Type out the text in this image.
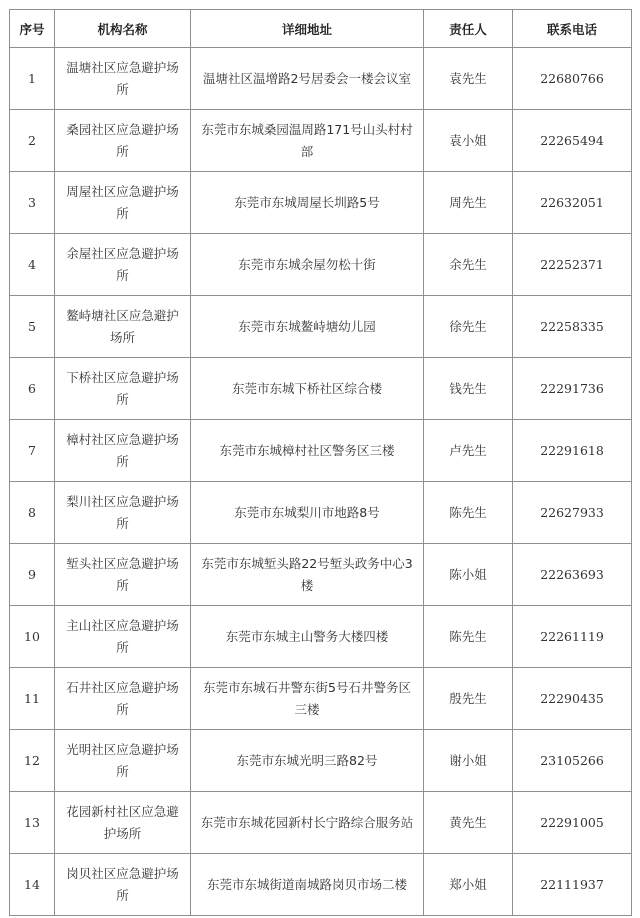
序号	机构名称	详细地址	责任人	联系电话
1	温塘社区应急避护场所	温塘社区温增路2号居委会一楼会议室	袁先生	22680766
2	桑园社区应急避护场所	东莞市东城桑园温周路171号山头村村部	袁小姐	22265494
3	周屋社区应急避护场所	东莞市东城周屋长圳路5号	周先生	22632051
4	余屋社区应急避护场所	东莞市东城余屋勿松十街	余先生	22252371
5	鳌峙塘社区应急避护场所	东莞市东城鳌峙塘幼儿园	徐先生	22258335
6	下桥社区应急避护场所	东莞市东城下桥社区综合楼	钱先生	22291736
7	樟村社区应急避护场所	东莞市东城樟村社区警务区三楼	卢先生	22291618
8	梨川社区应急避护场所	东莞市东城梨川市地路8号	陈先生	22627933
9	堑头社区应急避护场所	东莞市东城堑头路22号堑头政务中心3楼	陈小姐	22263693
10	主山社区应急避护场所	东莞市东城主山警务大楼四楼	陈先生	22261119
11	石井社区应急避护场所	东莞市东城石井警东街5号石井警务区三楼	殷先生	22290435
12	光明社区应急避护场所	东莞市东城光明三路82号	谢小姐	23105266
13	花园新村社区应急避护场所	东莞市东城花园新村长宁路综合服务站	黄先生	22291005
14	岗贝社区应急避护场所	东莞市东城街道南城路岗贝市场二楼	郑小姐	22111937
